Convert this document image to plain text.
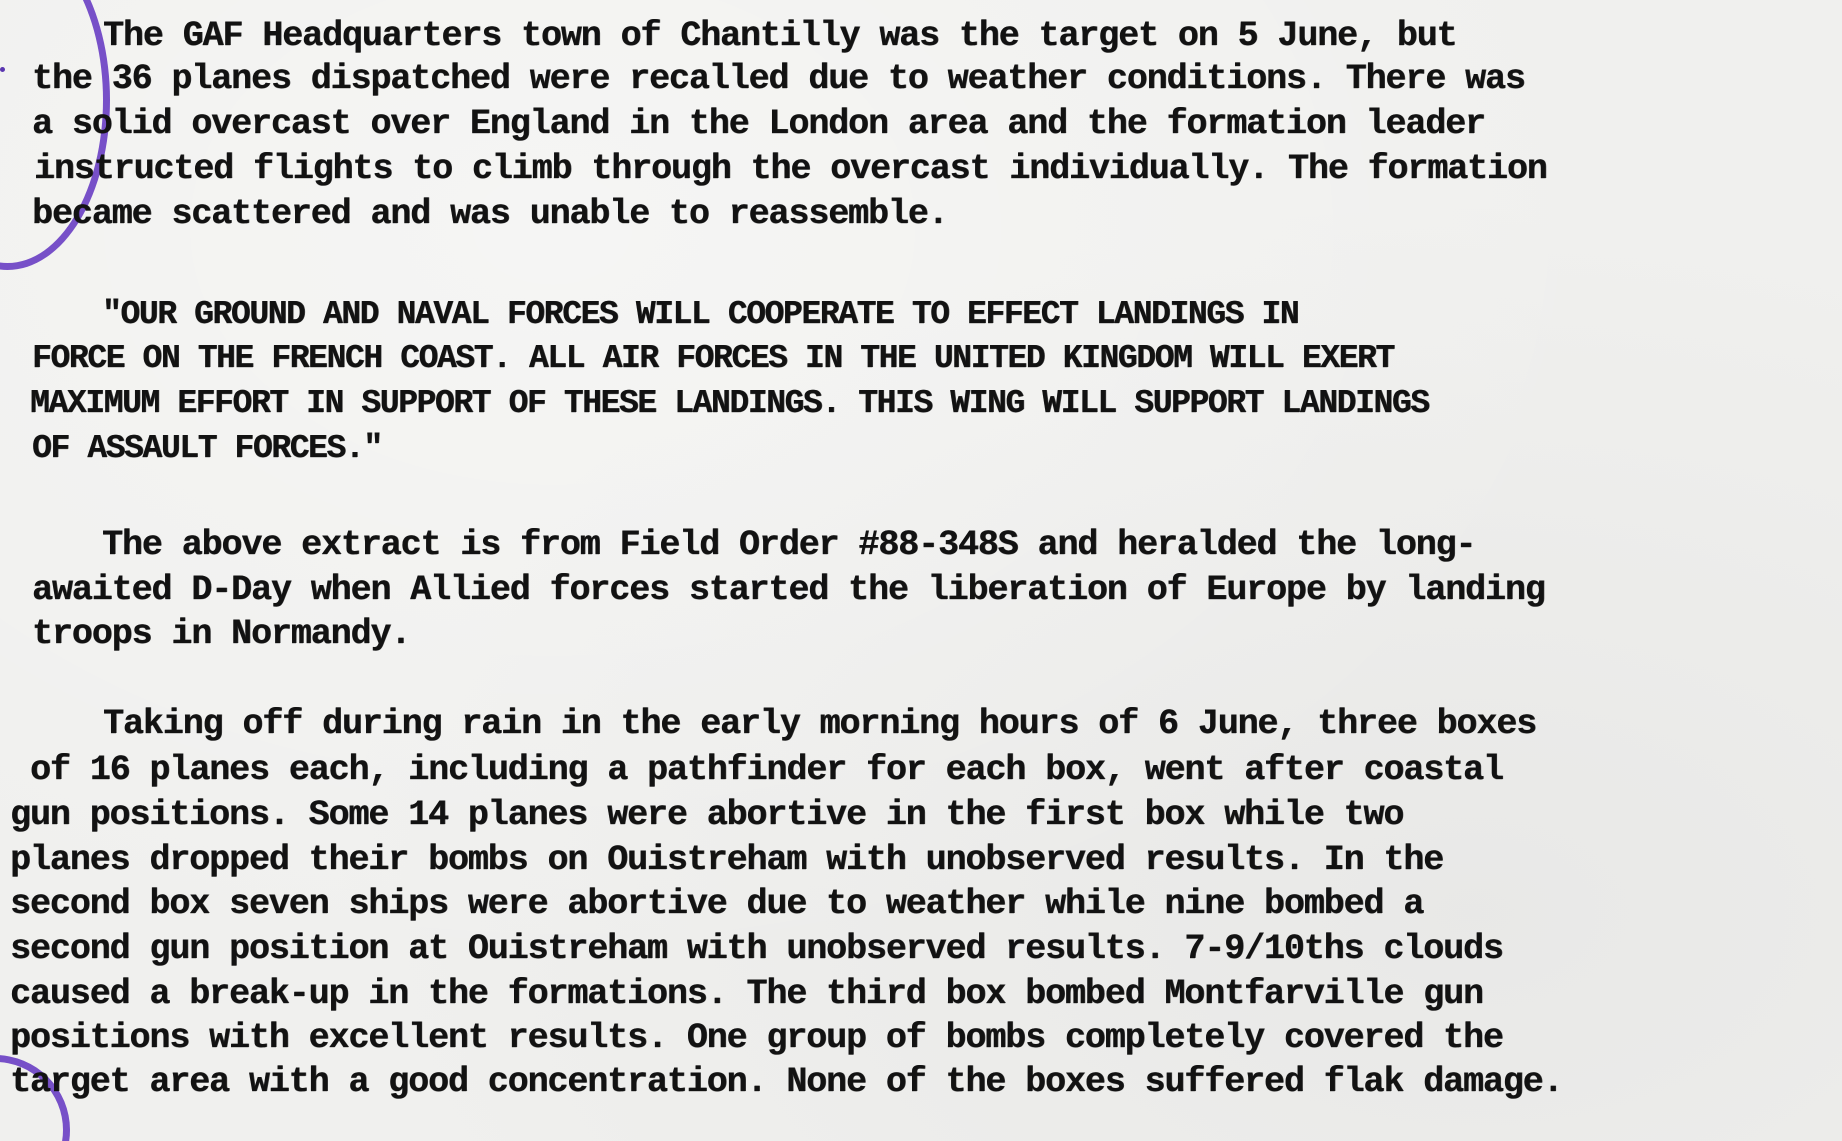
The GAF Headquarters town of Chantilly was the target on 5 June, but

the 36 planes dispatched were recalled due to weather conditions. There was

a solid overcast over England in the London area and the formation leader

instructed flights to climb through the overcast individually. The formation

became scattered and was unable to reassemble.

"OUR GROUND AND NAVAL FORCES WILL COOPERATE TO EFFECT LANDINGS IN

FORCE ON THE FRENCH COAST. ALL AIR FORCES IN THE UNITED KINGDOM WILL EXERT

MAXIMUM EFFORT IN SUPPORT OF THESE LANDINGS. THIS WING WILL SUPPORT LANDINGS

OF ASSAULT FORCES."

The above extract is from Field Order #88-348S and heralded the long-

awaited D-Day when Allied forces started the liberation of Europe by landing

troops in Normandy.

Taking off during rain in the early morning hours of 6 June, three boxes

of 16 planes each, including a pathfinder for each box, went after coastal

gun positions. Some 14 planes were abortive in the first box while two

planes dropped their bombs on Ouistreham with unobserved results. In the

second box seven ships were abortive due to weather while nine bombed a

second gun position at Ouistreham with unobserved results. 7-9/10ths clouds

caused a break-up in the formations. The third box bombed Montfarville gun

positions with excellent results. One group of bombs completely covered the

target area with a good concentration. None of the boxes suffered flak damage.
